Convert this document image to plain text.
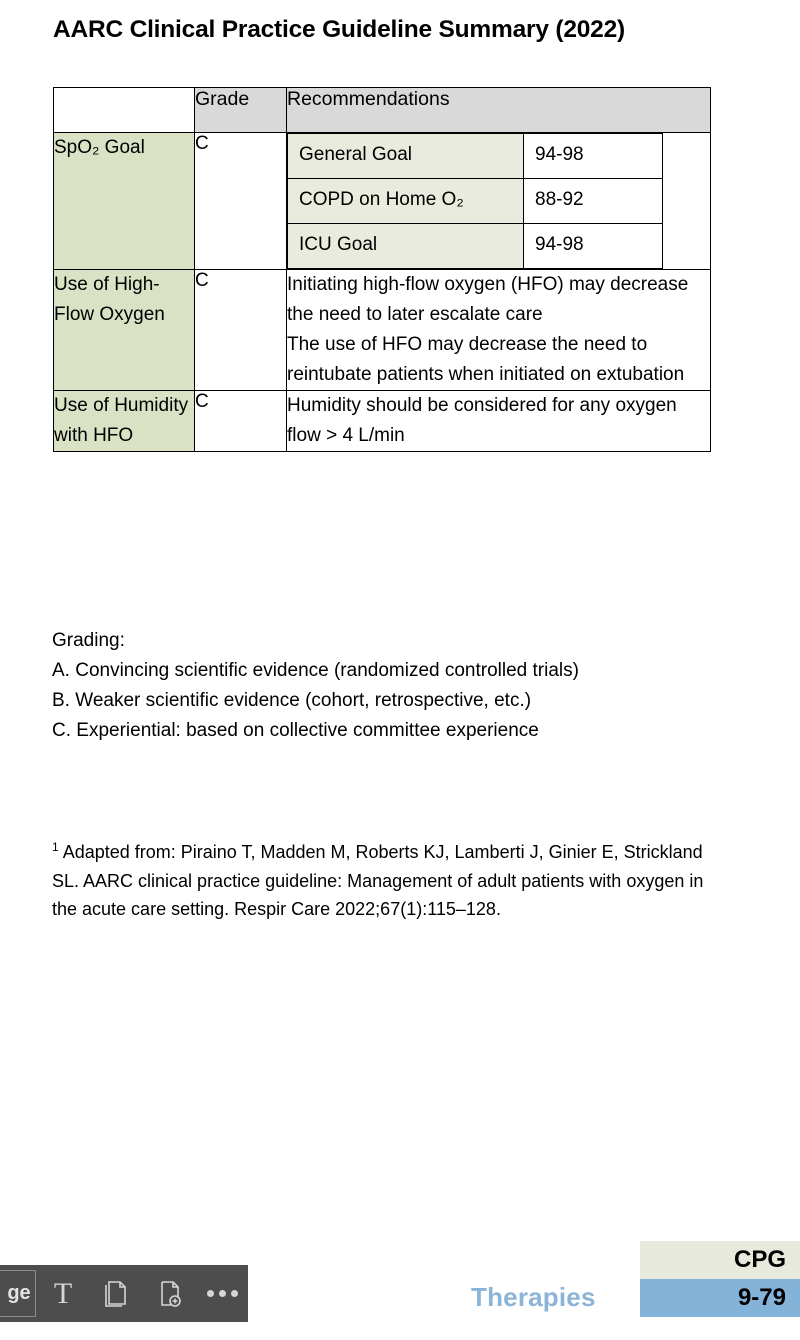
AARC Clinical Practice Guideline Summary (2022)
	Grade	Recommendations
SpO₂ Goal	C	
General Goal	94-98
COPD on Home O₂	88-92
ICU Goal	94-98

Use of High-Flow Oxygen	C	Initiating high-flow oxygen (HFO) may decrease the need to later escalate care
The use of HFO may decrease the need to reintubate patients when initiated on extubation

Use of Humidity with HFO	C	Humidity should be considered for any oxygen flow > 4 L/min
Grading:
A. Convincing scientific evidence (randomized controlled trials)
B. Weaker scientific evidence (cohort, retrospective, etc.)
C. Experiential: based on collective committee experience
$^1$ Adapted from: Piraino T, Madden M, Roberts KJ, Lamberti J, Ginier E, Strickland SL. AARC clinical practice guideline: Management of adult patients with oxygen in the acute care setting. Respir Care 2022;67(1):115–128.
ge T	Therapies
CPG
9-79
